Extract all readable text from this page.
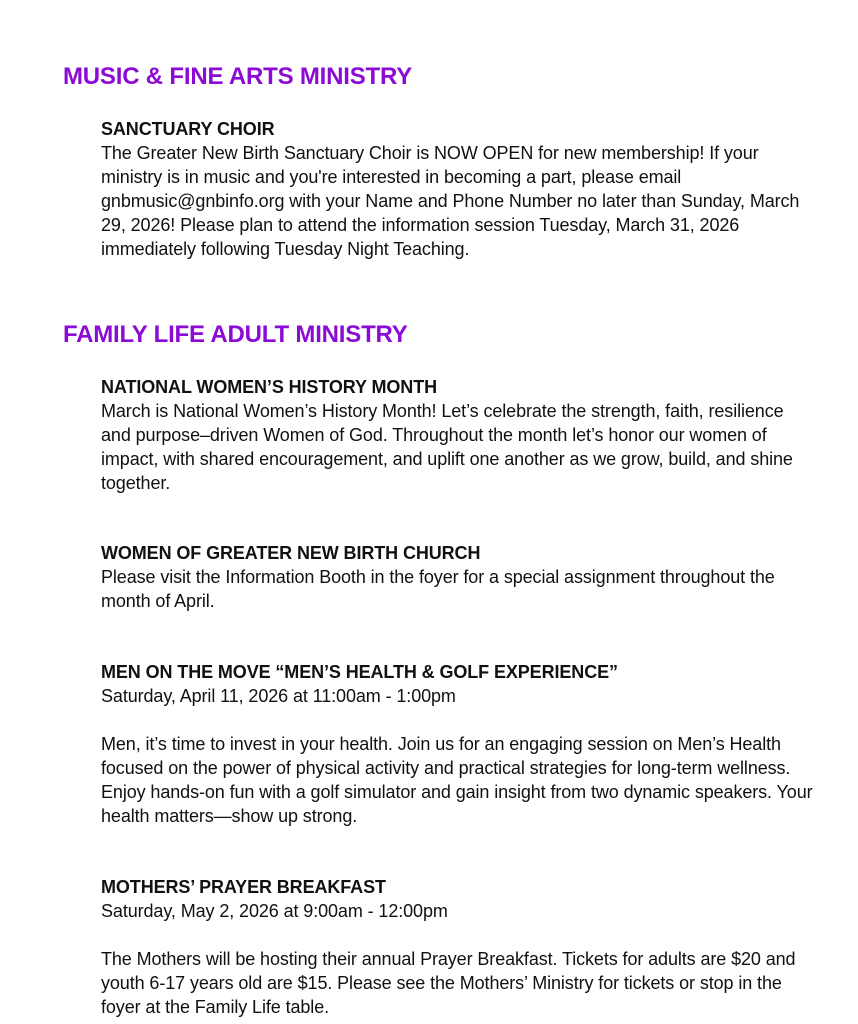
MUSIC & FINE ARTS MINISTRY

SANCTUARY CHOIR

The Greater New Birth Sanctuary Choir is NOW OPEN for new membership! If your ministry is in music and you're interested in becoming a part, please email gnbmusic@gnbinfo.org with your Name and Phone Number no later than Sunday, March 29, 2026! Please plan to attend the information session Tuesday, March 31, 2026 immediately following Tuesday Night Teaching.

FAMILY LIFE ADULT MINISTRY

NATIONAL WOMEN’S HISTORY MONTH

March is National Women’s History Month! Let’s celebrate the strength, faith, resilience and purpose–driven Women of God. Throughout the month let’s honor our women of impact, with shared encouragement, and uplift one another as we grow, build, and shine together.

WOMEN OF GREATER NEW BIRTH CHURCH

Please visit the Information Booth in the foyer for a special assignment throughout the month of April.

MEN ON THE MOVE “MEN’S HEALTH & GOLF EXPERIENCE”

Saturday, April 11, 2026 at 11:00am - 1:00pm

Men, it’s time to invest in your health. Join us for an engaging session on Men’s Health focused on the power of physical activity and practical strategies for long-term wellness. Enjoy hands-on fun with a golf simulator and gain insight from two dynamic speakers. Your health matters—show up strong.

MOTHERS’ PRAYER BREAKFAST

Saturday, May 2, 2026 at 9:00am - 12:00pm

The Mothers will be hosting their annual Prayer Breakfast. Tickets for adults are $20 and youth 6-17 years old are $15. Please see the Mothers’ Ministry for tickets or stop in the foyer at the Family Life table.
